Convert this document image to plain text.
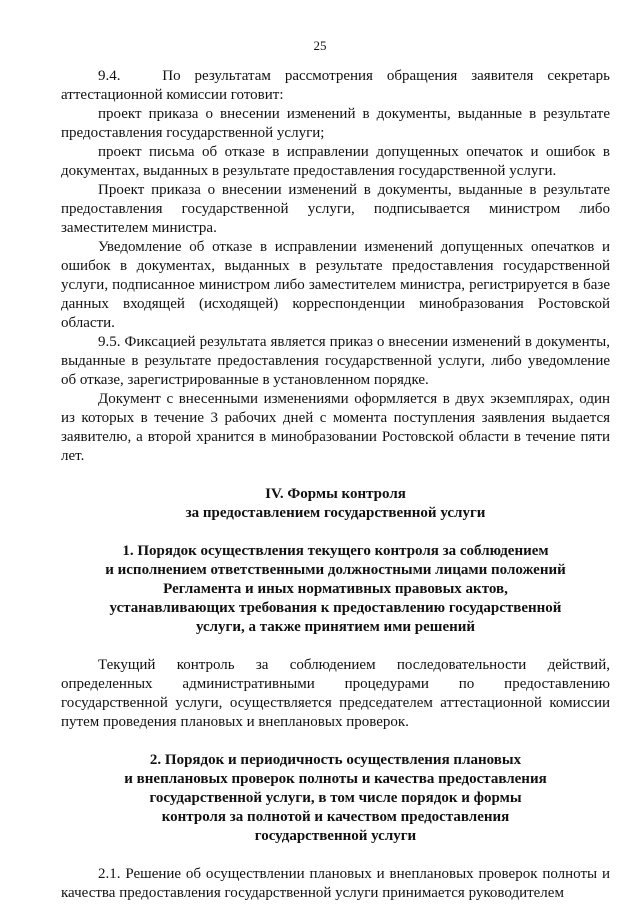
25

9.4.   По результатам рассмотрения обращения заявителя секретарь аттестационной комиссии готовит:

проект приказа о внесении изменений в документы, выданные в результате предоставления государственной услуги;

проект письма об отказе в исправлении допущенных опечаток и ошибок в документах, выданных в результате предоставления государственной услуги.

Проект приказа о внесении изменений в документы, выданные в результате предоставления государственной услуги, подписывается министром либо заместителем министра.

Уведомление об отказе в исправлении изменений допущенных опечатков и ошибок в документах, выданных в результате предоставления государственной услуги, подписанное министром либо заместителем министра, регистрируется в базе данных входящей (исходящей) корреспонденции минобразования Ростовской области.

9.5. Фиксацией результата является приказ о внесении изменений в документы, выданные в результате предоставления государственной услуги, либо уведомление об отказе, зарегистрированные в установленном порядке.

Документ с внесенными изменениями оформляется в двух экземплярах, один из которых в течение 3 рабочих дней с момента поступления заявления выдается заявителю, а второй хранится в минобразовании Ростовской области в течение пяти лет.

IV. Формы контроля
за предоставлением государственной услуги
1. Порядок осуществления текущего контроля за соблюдением
и исполнением ответственными должностными лицами положений
Регламента и иных нормативных правовых актов,
устанавливающих требования к предоставлению государственной
услуги, а также принятием ими решений

Текущий контроль за соблюдением последовательности действий, определенных административными процедурами по предоставлению государственной услуги, осуществляется председателем аттестационной комиссии путем проведения плановых и внеплановых проверок.

2. Порядок и периодичность осуществления плановых
и внеплановых проверок полноты и качества предоставления
государственной услуги, в том числе порядок и формы
контроля за полнотой и качеством предоставления
государственной услуги

2.1. Решение об осуществлении плановых и внеплановых проверок полноты и качества предоставления государственной услуги принимается руководителем
